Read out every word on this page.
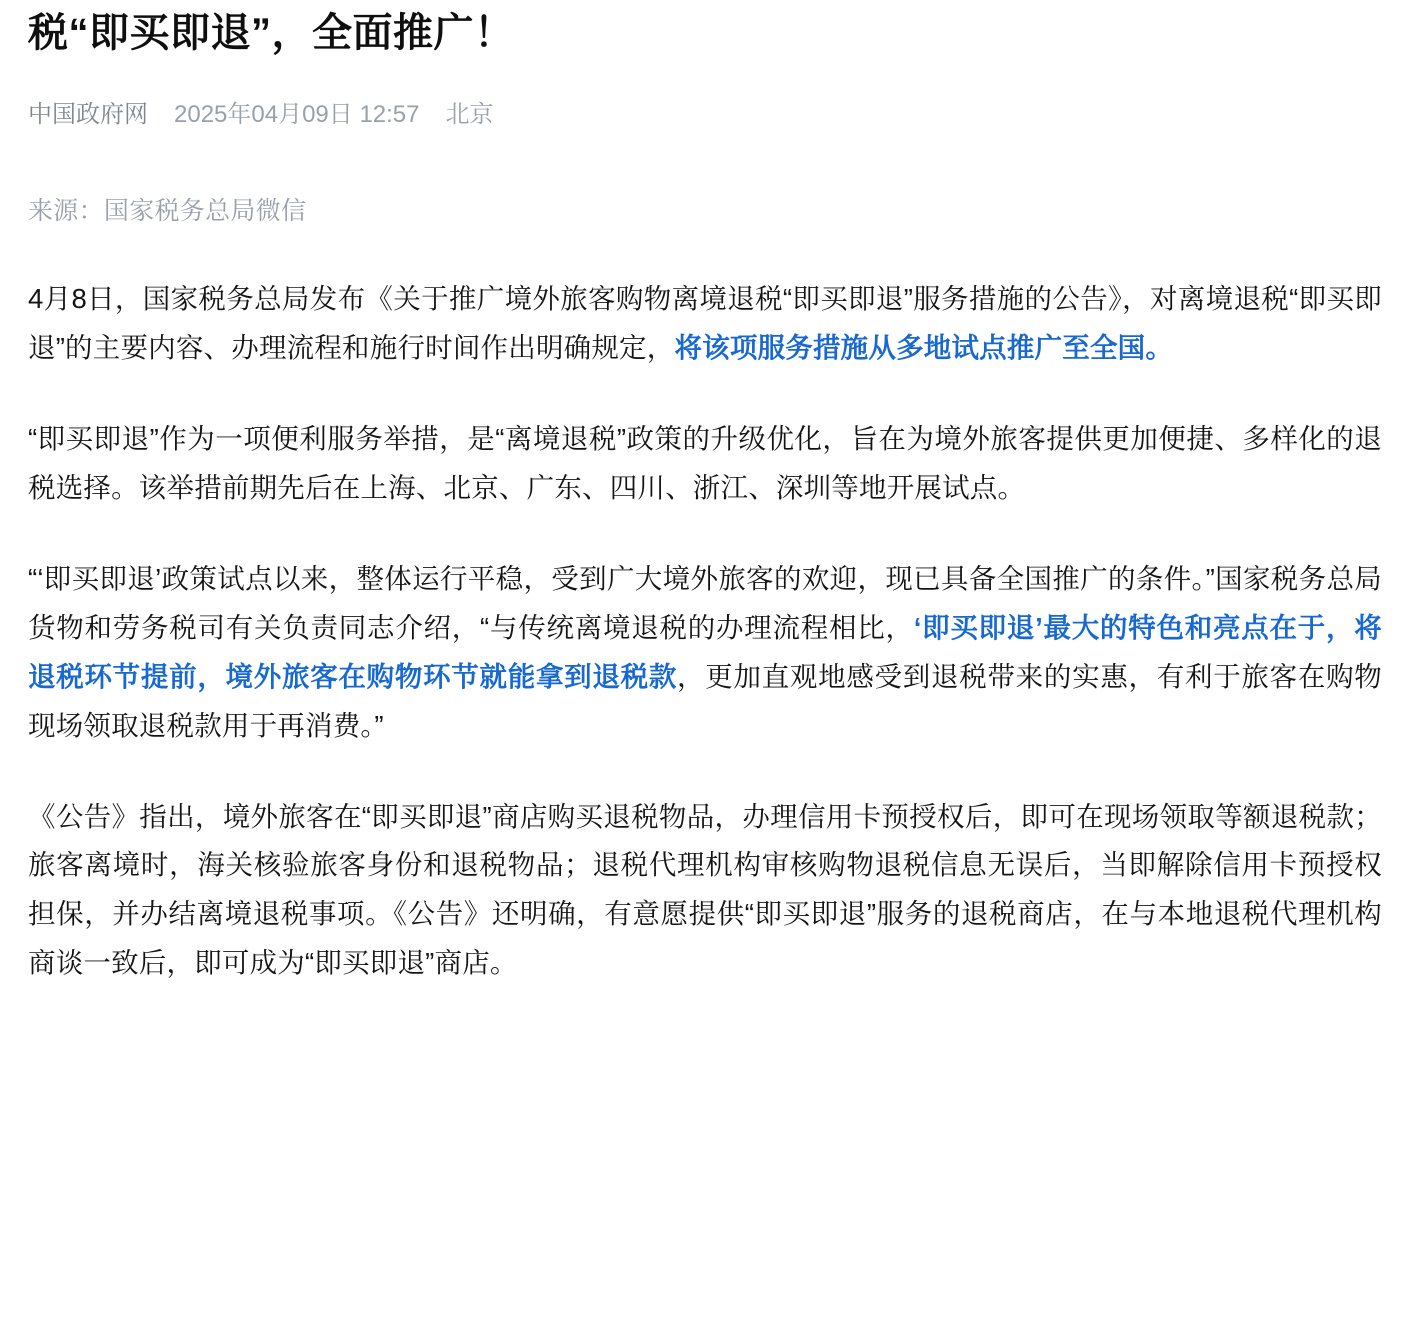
税“即买即退”，全面推广！
中国政府网 2025年04月09日 12:57 北京
来源：国家税务总局微信

4月8日，国家税务总局发布《关于推广境外旅客购物离境退税“即买即退”服务措施的公告》，对离境退税“即买即退”的主要内容、办理流程和施行时间作出明确规定，将该项服务措施从多地试点推广至全国。

“即买即退”作为一项便利服务举措，是“离境退税”政策的升级优化，旨在为境外旅客提供更加便捷、多样化的退税选择。该举措前期先后在上海、北京、广东、四川、浙江、深圳等地开展试点。

“‘即买即退’政策试点以来，整体运行平稳，受到广大境外旅客的欢迎，现已具备全国推广的条件。”国家税务总局货物和劳务税司有关负责同志介绍，“与传统离境退税的办理流程相比，‘即买即退’最大的特色和亮点在于，将退税环节提前，境外旅客在购物环节就能拿到退税款，更加直观地感受到退税带来的实惠，有利于旅客在购物现场领取退税款用于再消费。”

《公告》指出，境外旅客在“即买即退”商店购买退税物品，办理信用卡预授权后，即可在现场领取等额退税款；旅客离境时，海关核验旅客身份和退税物品；退税代理机构审核购物退税信息无误后，当即解除信用卡预授权担保，并办结离境退税事项。《公告》还明确，有意愿提供“即买即退”服务的退税商店，在与本地退税代理机构商谈一致后，即可成为“即买即退”商店。
